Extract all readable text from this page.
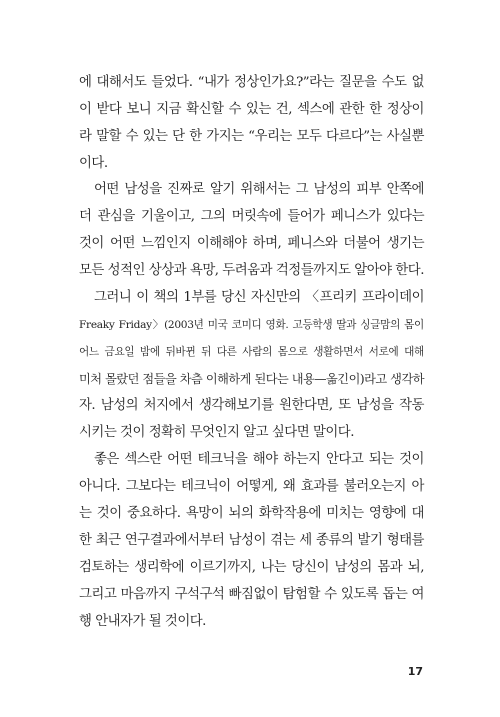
에 대해서도 들었다. “내가 정상인가요?”라는 질문을 수도 없

이 받다 보니 지금 확신할 수 있는 건, 섹스에 관한 한 정상이

라 말할 수 있는 단 한 가지는 “우리는 모두 다르다”는 사실뿐

이다.

어떤 남성을 진짜로 알기 위해서는 그 남성의 피부 안쪽에

더 관심을 기울이고, 그의 머릿속에 들어가 페니스가 있다는

것이 어떤 느낌인지 이해해야 하며, 페니스와 더불어 생기는

모든 성적인 상상과 욕망, 두려움과 걱정들까지도 알아야 한다.

그러니 이 책의 1부를 당신 자신만의 〈프리키 프라이데이

Freaky Friday〉(2003년 미국 코미디 영화. 고등학생 딸과 싱글맘의 몸이

어느 금요일 밤에 뒤바뀐 뒤 다른 사람의 몸으로 생활하면서 서로에 대해

미처 몰랐던 점들을 차츰 이해하게 된다는 내용—옮긴이)라고 생각하

자. 남성의 처지에서 생각해보기를 원한다면, 또 남성을 작동

시키는 것이 정확히 무엇인지 알고 싶다면 말이다.

좋은 섹스란 어떤 테크닉을 해야 하는지 안다고 되는 것이

아니다. 그보다는 테크닉이 어떻게, 왜 효과를 불러오는지 아

는 것이 중요하다. 욕망이 뇌의 화학작용에 미치는 영향에 대

한 최근 연구결과에서부터 남성이 겪는 세 종류의 발기 형태를

검토하는 생리학에 이르기까지, 나는 당신이 남성의 몸과 뇌,

그리고 마음까지 구석구석 빠짐없이 탐험할 수 있도록 돕는 여

행 안내자가 될 것이다.

17
